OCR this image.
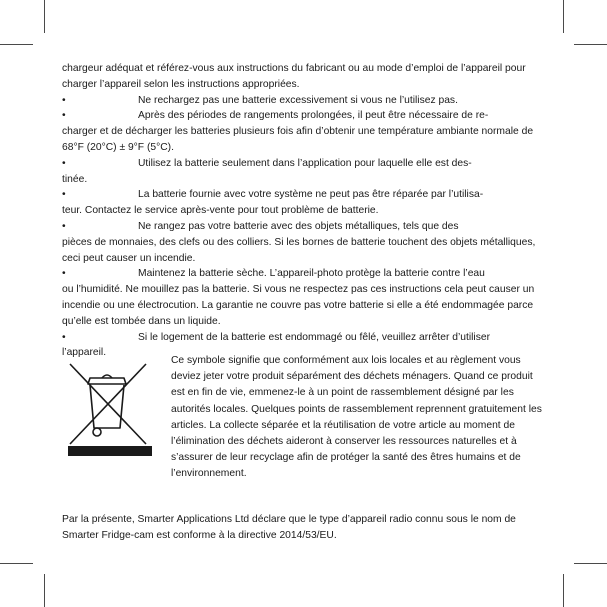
chargeur adéquat et référez-vous aux instructions du fabricant ou au mode d’emploi de l’appareil pour charger l’appareil selon les instructions appropriées.

•	Ne rechargez pas une batterie excessivement si vous ne l’utilisez pas.

•	Après des périodes de rangements prolongées, il peut être nécessaire de re-
charger et de décharger les batteries plusieurs fois afin d’obtenir une température ambiante normale de 68°F (20°C) ± 9°F (5°C).

•	Utilisez la batterie seulement dans l’application pour laquelle elle est des-
tinée.

•	La batterie fournie avec votre système ne peut pas être réparée par l’utilisa-
teur. Contactez le service après-vente pour tout problème de batterie.

•	Ne rangez pas votre batterie avec des objets métalliques, tels que des
pièces de monnaies, des clefs ou des colliers. Si les bornes de batterie touchent des objets métalliques, ceci peut causer un incendie.

•	Maintenez la batterie sèche. L’appareil-photo protège la batterie contre l’eau
ou l’humidité. Ne mouillez pas la batterie. Si vous ne respectez pas ces instructions cela peut causer un incendie ou une électrocution. La garantie ne couvre pas votre batterie si elle a été endommagée parce qu’elle est tombée dans un liquide.

•	Si le logement de la batterie est endommagé ou fêlé, veuillez arrêter d’utiliser
l’appareil.

Ce symbole signifie que conformément aux lois locales et au règlement vous deviez jeter votre produit séparément des déchets ménagers. Quand ce produit est en fin de vie, emmenez-le à un point de rassemblement désigné par les autorités locales. Quelques points de rassemblement reprennent gratuitement les articles. La collecte séparée et la réutilisation de votre article au moment de l’élimination des déchets aideront à conserver les ressources naturelles et à s’assurer de leur recyclage afin de protéger la santé des êtres humains et de l’environnement.

Par la présente, Smarter Applications Ltd déclare que le type d’appareil radio connu sous le nom de Smarter Fridge-cam est conforme à la directive 2014/53/EU.
